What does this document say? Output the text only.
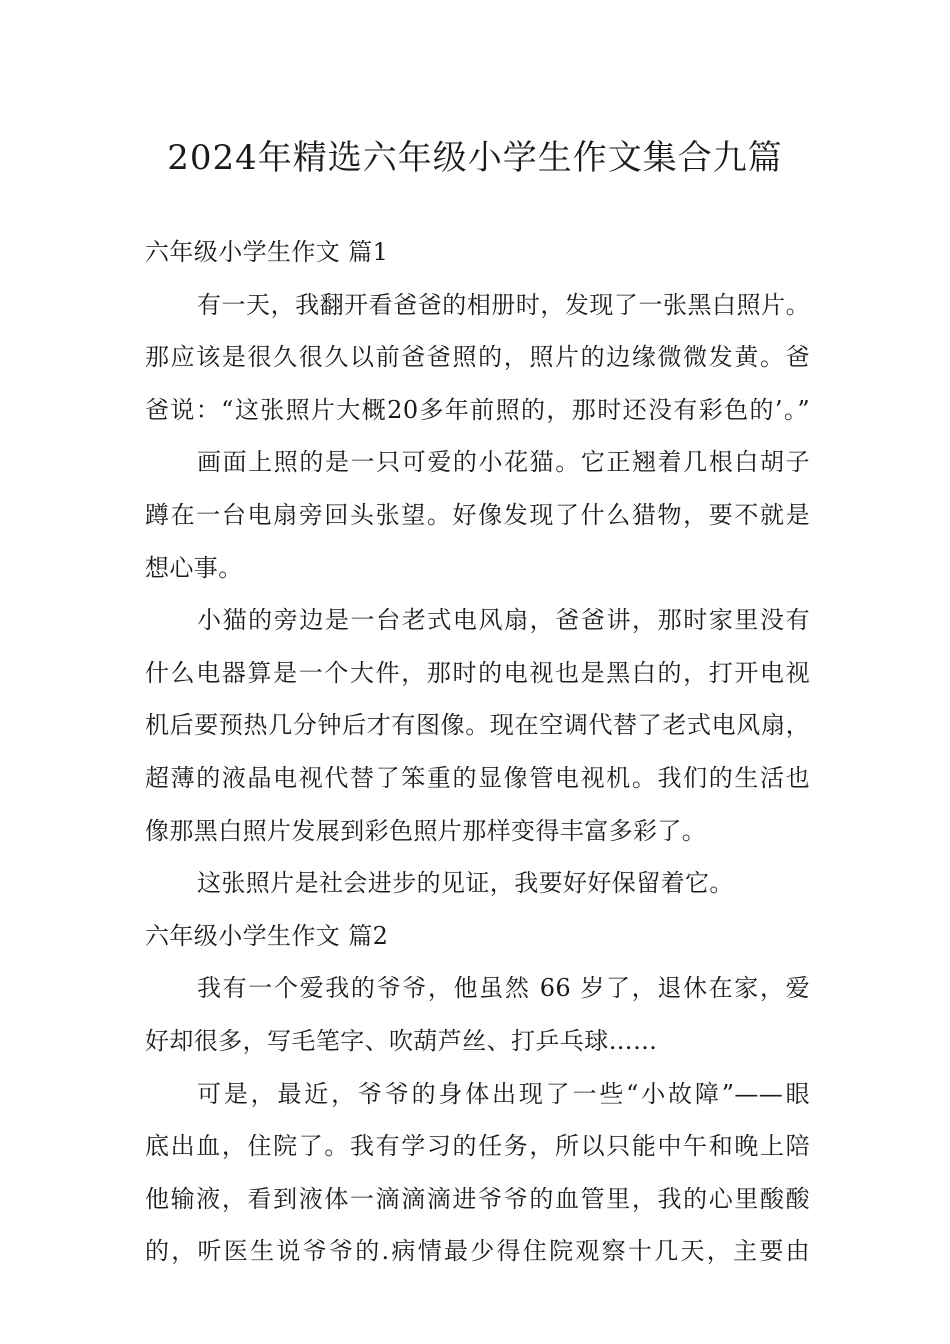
2024年精选六年级小学生作文集合九篇
六年级小学生作文 篇1
有一天，我翻开看爸爸的相册时，发现了一张黑白照片。
那应该是很久很久以前爸爸照的，照片的边缘微微发黄。爸
爸说：“这张照片大概20多年前照的，那时还没有彩色的’。”
画面上照的是一只可爱的小花猫。它正翘着几根白胡子
蹲在一台电扇旁回头张望。好像发现了什么猎物，要不就是
想心事。
小猫的旁边是一台老式电风扇，爸爸讲，那时家里没有
什么电器算是一个大件，那时的电视也是黑白的，打开电视
机后要预热几分钟后才有图像。现在空调代替了老式电风扇，
超薄的液晶电视代替了笨重的显像管电视机。我们的生活也
像那黑白照片发展到彩色照片那样变得丰富多彩了。
这张照片是社会进步的见证，我要好好保留着它。
六年级小学生作文 篇2
我有一个爱我的爷爷，他虽然 66 岁了，退休在家，爱
好却很多，写毛笔字、吹葫芦丝、打乒乓球……
可是，最近，爷爷的身体出现了一些“小故障”——眼
底出血，住院了。我有学习的任务，所以只能中午和晚上陪
他输液，看到液体一滴滴滴进爷爷的血管里，我的心里酸酸
的，听医生说爷爷的.病情最少得住院观察十几天，主要由
